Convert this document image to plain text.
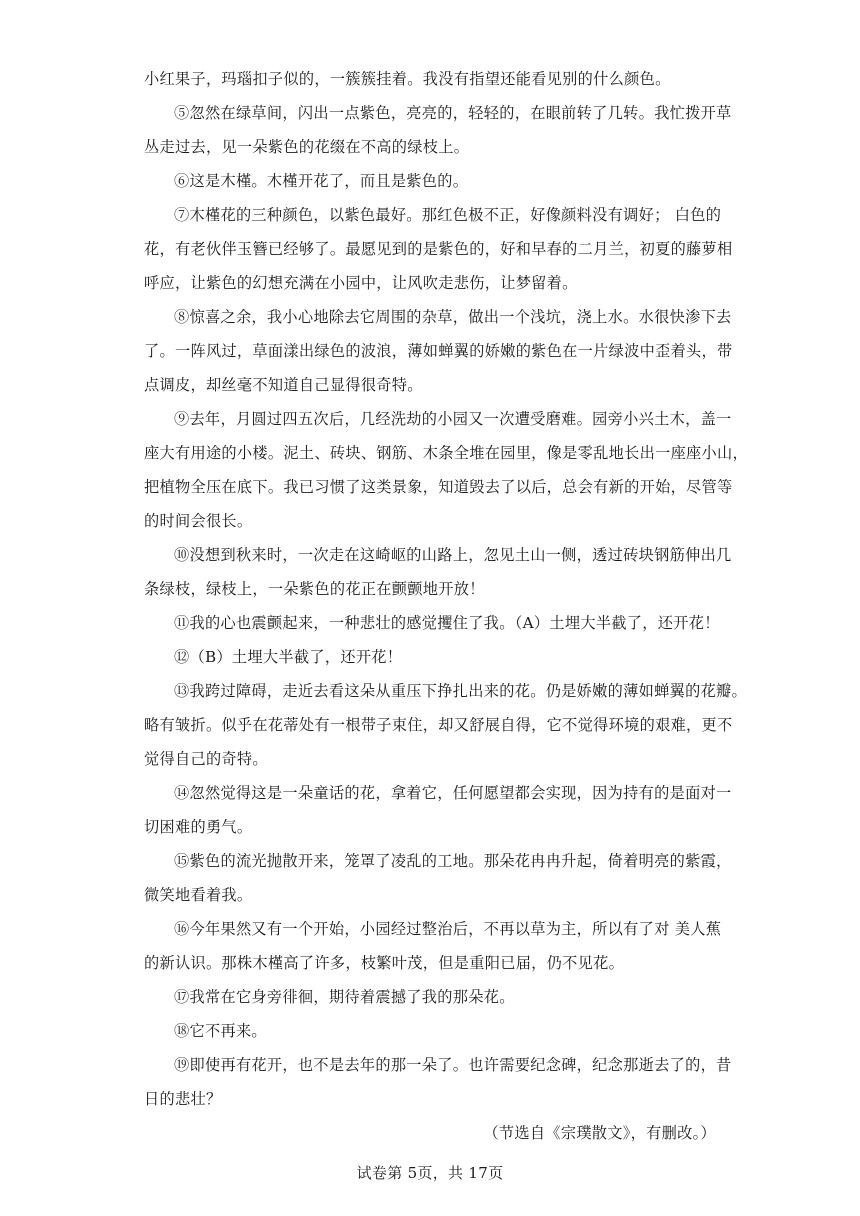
小红果子，玛瑙扣子似的，一簇簇挂着。我没有指望还能看见别的什么颜色。

⑤忽然在绿草间，闪出一点紫色，亮亮的，轻轻的，在眼前转了几转。我忙拨开草
丛走过去，见一朵紫色的花缀在不高的绿枝上。

⑥这是木槿。木槿开花了，而且是紫色的。

⑦木槿花的三种颜色，以紫色最好。那红色极不正，好像颜料没有调好； 白色的
花，有老伙伴玉簪已经够了。最愿见到的是紫色的，好和早春的二月兰，初夏的藤萝相
呼应，让紫色的幻想充满在小园中，让风吹走悲伤，让梦留着。

⑧惊喜之余，我小心地除去它周围的杂草，做出一个浅坑，浇上水。水很快渗下去
了。一阵风过，草面漾出绿色的波浪，薄如蝉翼的娇嫩的紫色在一片绿波中歪着头，带
点调皮，却丝毫不知道自己显得很奇特。

⑨去年，月圆过四五次后，几经洗劫的小园又一次遭受磨难。园旁小兴土木，盖一
座大有用途的小楼。泥土、砖块、钢筋、木条全堆在园里，像是零乱地长出一座座小山，
把植物全压在底下。我已习惯了这类景象，知道毁去了以后，总会有新的开始，尽管等
的时间会很长。

⑩没想到秋来时，一次走在这崎岖的山路上，忽见土山一侧，透过砖块钢筋伸出几
条绿枝，绿枝上，一朵紫色的花正在颤颤地开放！

⑪我的心也震颤起来，一种悲壮的感觉攫住了我。（A）土埋大半截了，还开花！

⑫（B）土埋大半截了，还开花！

⑬我跨过障碍，走近去看这朵从重压下挣扎出来的花。仍是娇嫩的薄如蝉翼的花瓣。
略有皱折。似乎在花蒂处有一根带子束住，却又舒展自得，它不觉得环境的艰难，更不
觉得自己的奇特。

⑭忽然觉得这是一朵童话的花，拿着它，任何愿望都会实现，因为持有的是面对一
切困难的勇气。

⑮紫色的流光抛散开来，笼罩了凌乱的工地。那朵花冉冉升起，倚着明亮的紫霞，
微笑地看着我。

⑯今年果然又有一个开始，小园经过整治后，不再以草为主，所以有了对 美人蕉
的新认识。那株木槿高了许多，枝繁叶茂，但是重阳已届，仍不见花。

⑰我常在它身旁徘徊，期待着震撼了我的那朵花。

⑱它不再来。

⑲即使再有花开，也不是去年的那一朵了。也许需要纪念碑，纪念那逝去了的，昔
日的悲壮？

（节选自《宗璞散文》，有删改。）

试卷第 5页，共 17页
